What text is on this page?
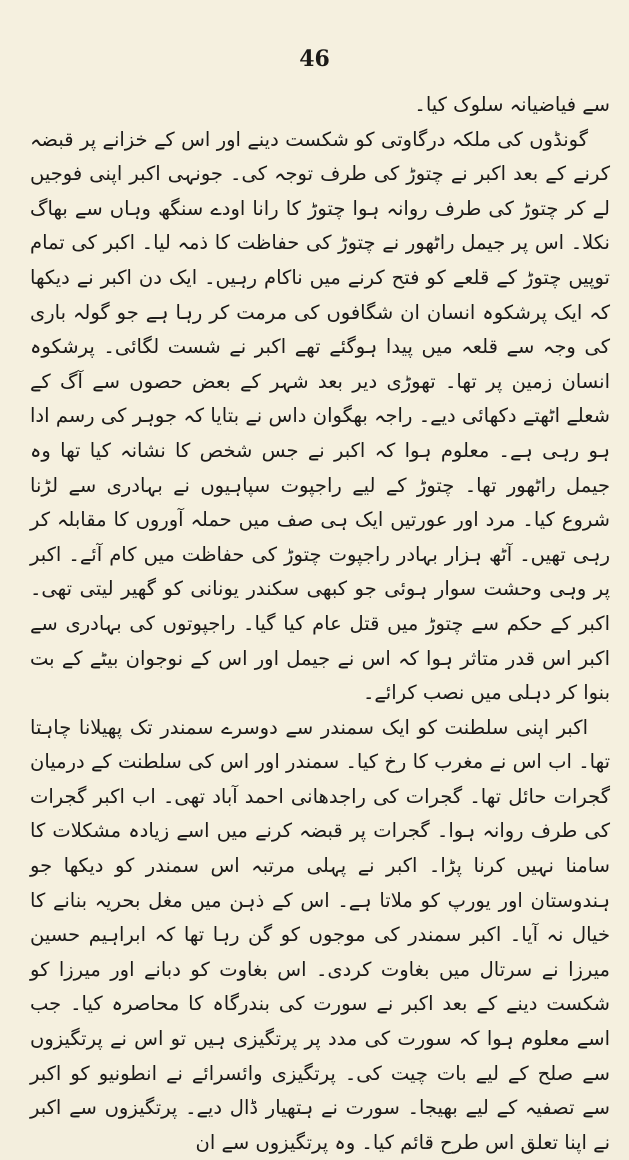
46

سے فیاضیانہ سلوک کیا۔

گونڈوں کی ملکہ درگاوتی کو شکست دینے اور اس کے خزانے پر قبضہ کرنے کے بعد اکبر نے چتوڑ کی طرف توجہ کی۔ جونہی اکبر اپنی فوجیں لے کر چتوڑ کی طرف روانہ ہوا چتوڑ کا رانا اودے سنگھ وہاں سے بھاگ نکلا۔ اس پر جیمل راٹھور نے چتوڑ کی حفاظت کا ذمہ لیا۔ اکبر کی تمام توپیں چتوڑ کے قلعے کو فتح کرنے میں ناکام رہیں۔ ایک دن اکبر نے دیکھا کہ ایک پرشکوہ انسان ان شگافوں کی مرمت کر رہا ہے جو گولہ باری کی وجہ سے قلعہ میں پیدا ہوگئے تھے اکبر نے شست لگائی۔ پرشکوہ انسان زمین پر تھا۔ تھوڑی دیر بعد شہر کے بعض حصوں سے آگ کے شعلے اٹھتے دکھائی دیے۔ راجہ بھگوان داس نے بتایا کہ جوہر کی رسم ادا ہو رہی ہے۔ معلوم ہوا کہ اکبر نے جس شخص کا نشانہ کیا تھا وہ جیمل راٹھور تھا۔ چتوڑ کے لیے راجپوت سپاہیوں نے بہادری سے لڑنا شروع کیا۔ مرد اور عورتیں ایک ہی صف میں حملہ آوروں کا مقابلہ کر رہی تھیں۔ آٹھ ہزار بہادر راجپوت چتوڑ کی حفاظت میں کام آئے۔ اکبر پر وہی وحشت سوار ہوئی جو کبھی سکندر یونانی کو گھیر لیتی تھی۔ اکبر کے حکم سے چتوڑ میں قتل عام کیا گیا۔ راجپوتوں کی بہادری سے اکبر اس قدر متاثر ہوا کہ اس نے جیمل اور اس کے نوجوان بیٹے کے بت بنوا کر دہلی میں نصب کرائے۔

اکبر اپنی سلطنت کو ایک سمندر سے دوسرے سمندر تک پھیلانا چاہتا تھا۔ اب اس نے مغرب کا رخ کیا۔ سمندر اور اس کی سلطنت کے درمیان گجرات حائل تھا۔ گجرات کی راجدھانی احمد آباد تھی۔ اب اکبر گجرات کی طرف روانہ ہوا۔ گجرات پر قبضہ کرنے میں اسے زیادہ مشکلات کا سامنا نہیں کرنا پڑا۔ اکبر نے پہلی مرتبہ اس سمندر کو دیکھا جو ہندوستان اور یورپ کو ملاتا ہے۔ اس کے ذہن میں مغل بحریہ بنانے کا خیال نہ آیا۔ اکبر سمندر کی موجوں کو گن رہا تھا کہ ابراہیم حسین میرزا نے سرتال میں بغاوت کردی۔ اس بغاوت کو دبانے اور میرزا کو شکست دینے کے بعد اکبر نے سورت کی بندرگاہ کا محاصرہ کیا۔ جب اسے معلوم ہوا کہ سورت کی مدد پر پرتگیزی ہیں تو اس نے پرتگیزوں سے صلح کے لیے بات چیت کی۔ پرتگیزی وائسرائے نے انطونیو کو اکبر سے تصفیہ کے لیے بھیجا۔ سورت نے ہتھیار ڈال دیے۔ پرتگیزوں سے اکبر نے اپنا تعلق اس طرح قائم کیا۔ وہ پرتگیزوں سے ان
